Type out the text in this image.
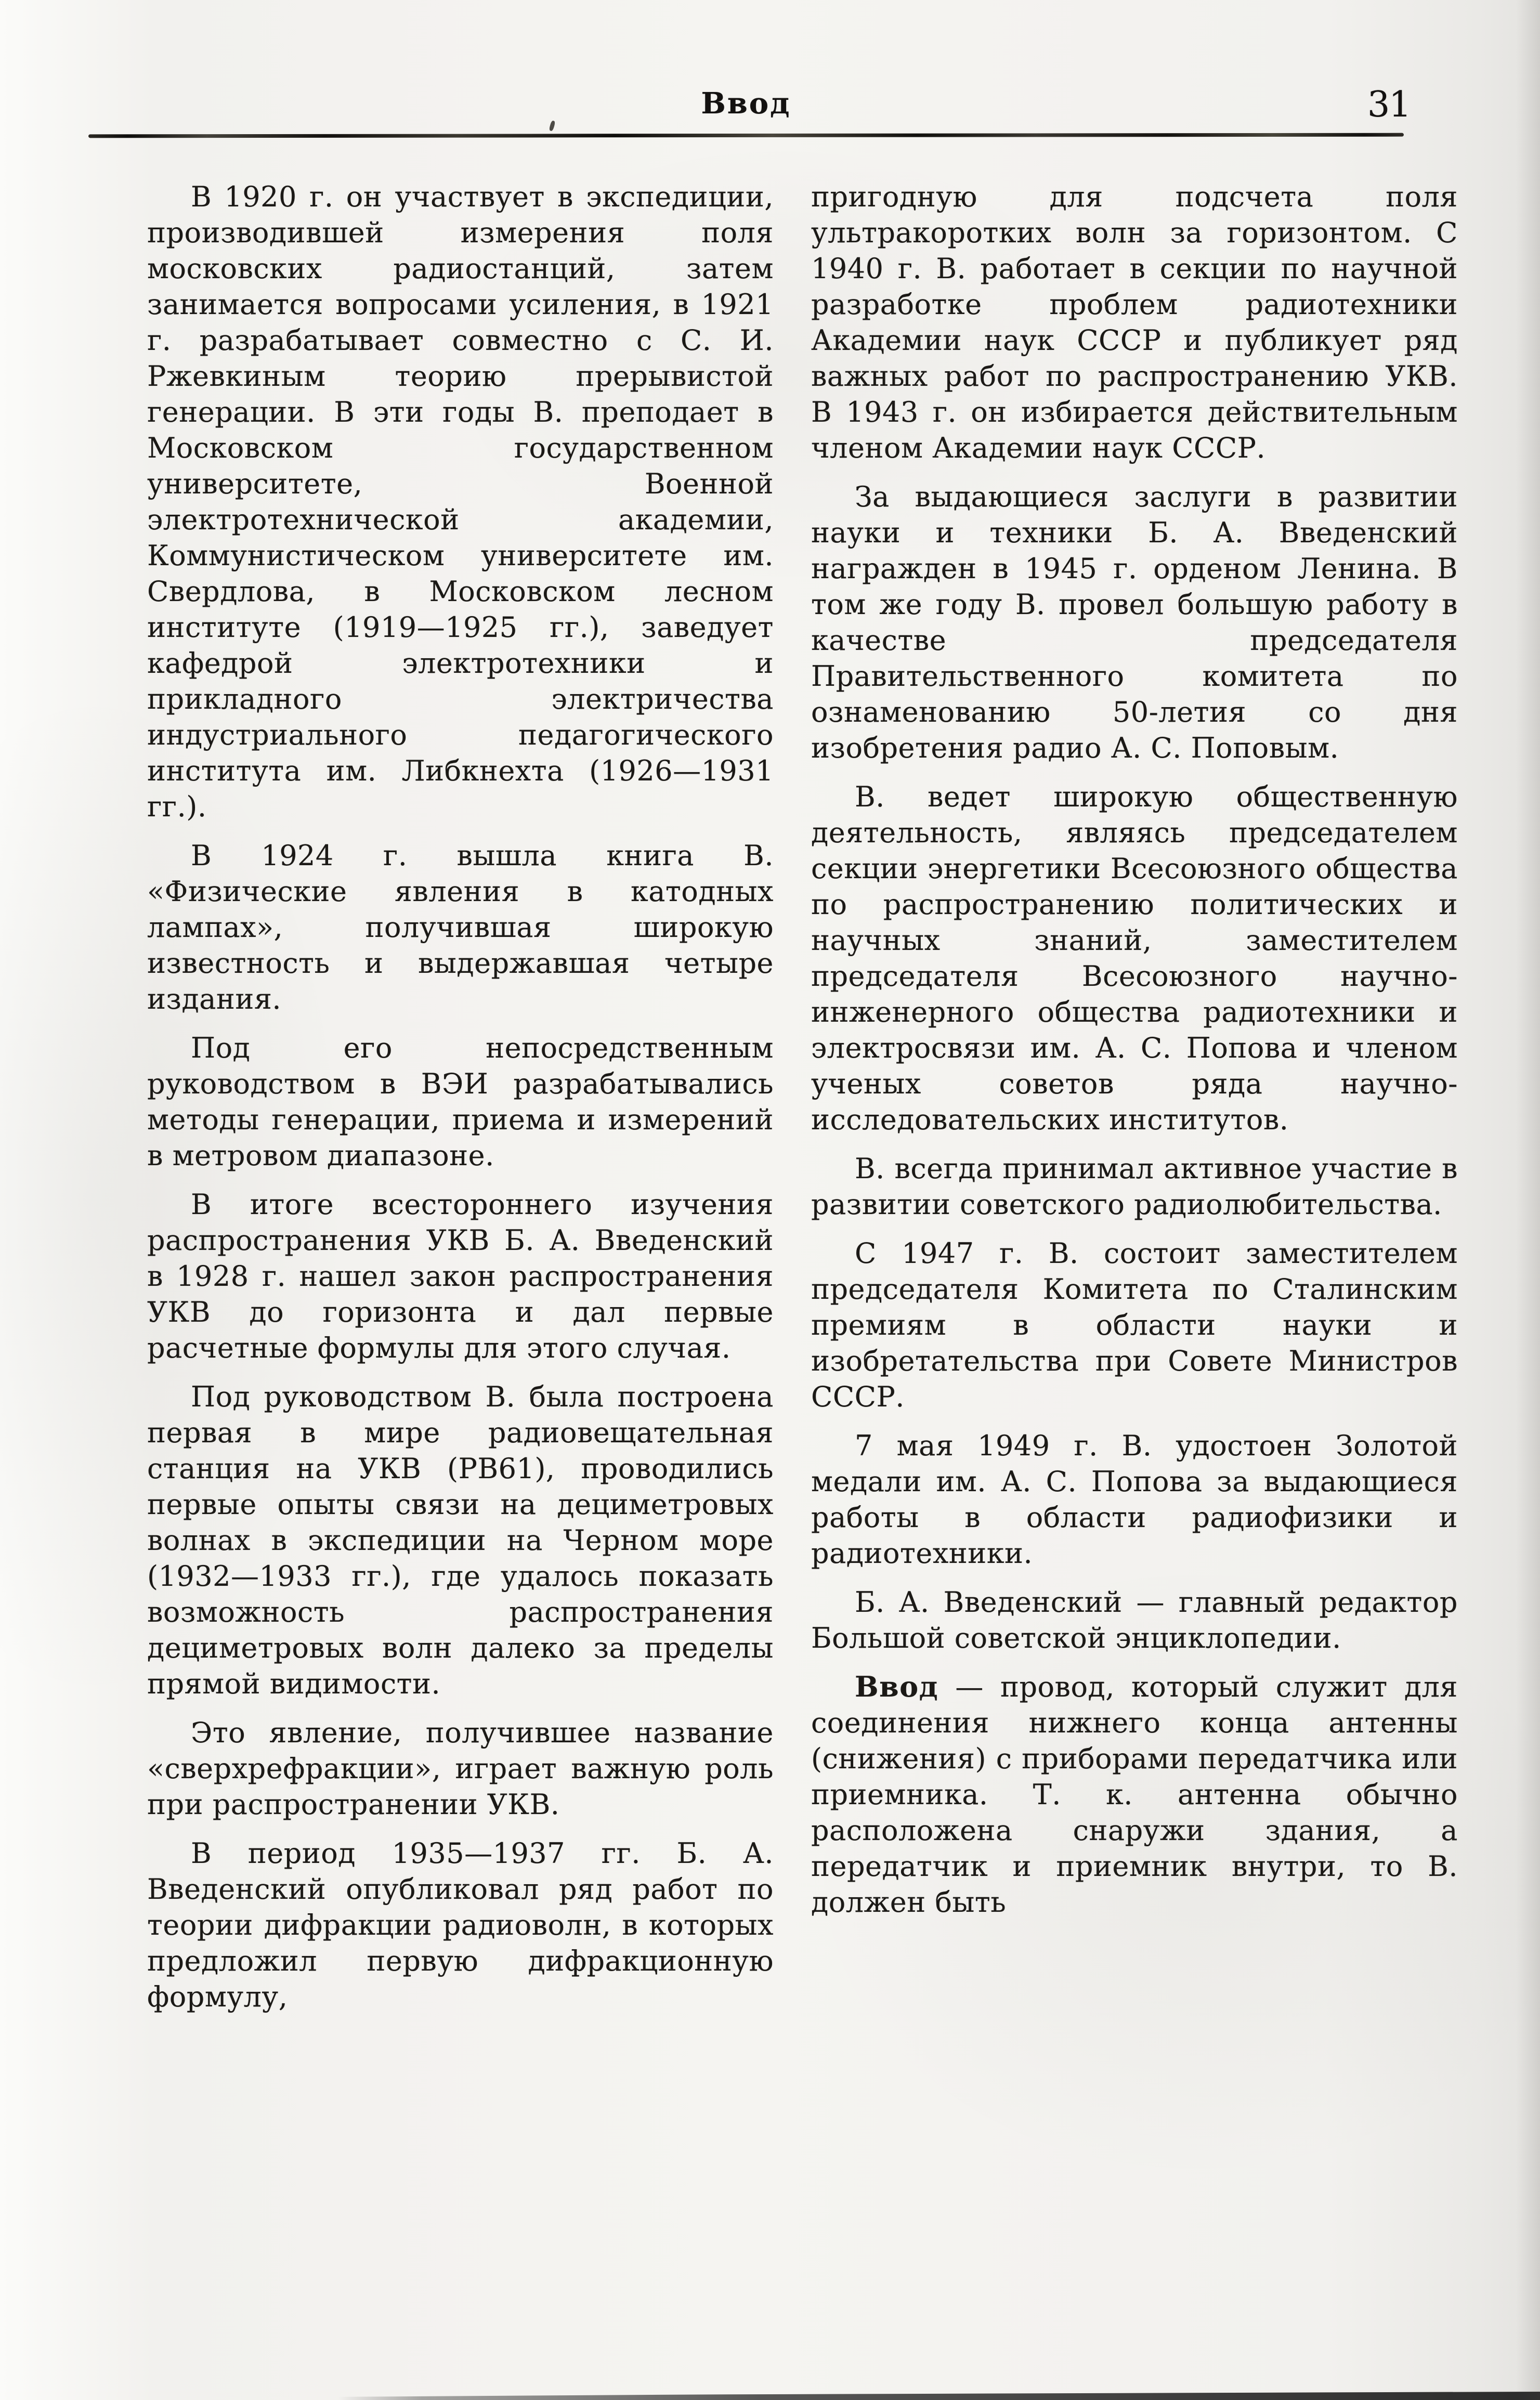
Ввод	31

В 1920 г. он участвует в экспедиции, производившей измерения поля московских радиостанций, затем занимается вопросами усиления, в 1921 г. разрабатывает совместно с С. И. Ржевкиным теорию прерывистой генерации. В эти годы В. преподает в Московском государственном университете, Военной электротехнической академии, Коммунистическом университете им. Свердлова, в Московском лесном институте (1919—1925 гг.), заведует кафедрой электротехники и прикладного электричества индустриального педагогического института им. Либкнехта (1926—1931 гг.).

В 1924 г. вышла книга В. «Физические явления в катодных лампах», получившая широкую известность и выдержавшая четыре издания.

Под его непосредственным руководством в ВЭИ разрабатывались методы генерации, приема и измерений в метровом диапазоне.

В итоге всестороннего изучения распространения УКВ Б. А. Введенский в 1928 г. нашел закон распространения УКВ до горизонта и дал первые расчетные формулы для этого случая.

Под руководством В. была построена первая в мире радиовещательная станция на УКВ (РВ61), проводились первые опыты связи на дециметровых волнах в экспедиции на Черном море (1932—1933 гг.), где удалось показать возможность распространения дециметровых волн далеко за пределы прямой видимости.

Это явление, получившее название «сверхрефракции», играет важную роль при распространении УКВ.

В период 1935—1937 гг. Б. А. Введенский опубликовал ряд работ по теории дифракции радиоволн, в которых предложил первую дифракционную формулу,

пригодную для подсчета поля ультракоротких волн за горизонтом. С 1940 г. В. работает в секции по научной разработке проблем радиотехники Академии наук СССР и публикует ряд важных работ по распространению УКВ. В 1943 г. он избирается действительным членом Академии наук СССР.

За выдающиеся заслуги в развитии науки и техники Б. А. Введенский награжден в 1945 г. орденом Ленина. В том же году В. провел большую работу в качестве председателя Правительственного комитета по ознаменованию 50-летия со дня изобретения радио А. С. Поповым.

В. ведет широкую общественную деятельность, являясь председателем секции энергетики Всесоюзного общества по распространению политических и научных знаний, заместителем председателя Всесоюзного научно-инженерного общества радиотехники и электросвязи им. А. С. Попова и членом ученых советов ряда научно-исследовательских институтов.

В. всегда принимал активное участие в развитии советского радиолюбительства.

С 1947 г. В. состоит заместителем председателя Комитета по Сталинским премиям в области науки и изобретательства при Совете Министров СССР.

7 мая 1949 г. В. удостоен Золотой медали им. А. С. Попова за выдающиеся работы в области радиофизики и радиотехники.

Б. А. Введенский — главный редактор Большой советской энциклопедии.

Ввод — провод, который служит для соединения нижнего конца антенны (снижения) с приборами передатчика или приемника. Т. к. антенна обычно расположена снаружи здания, а передатчик и приемник внутри, то В. должен быть
